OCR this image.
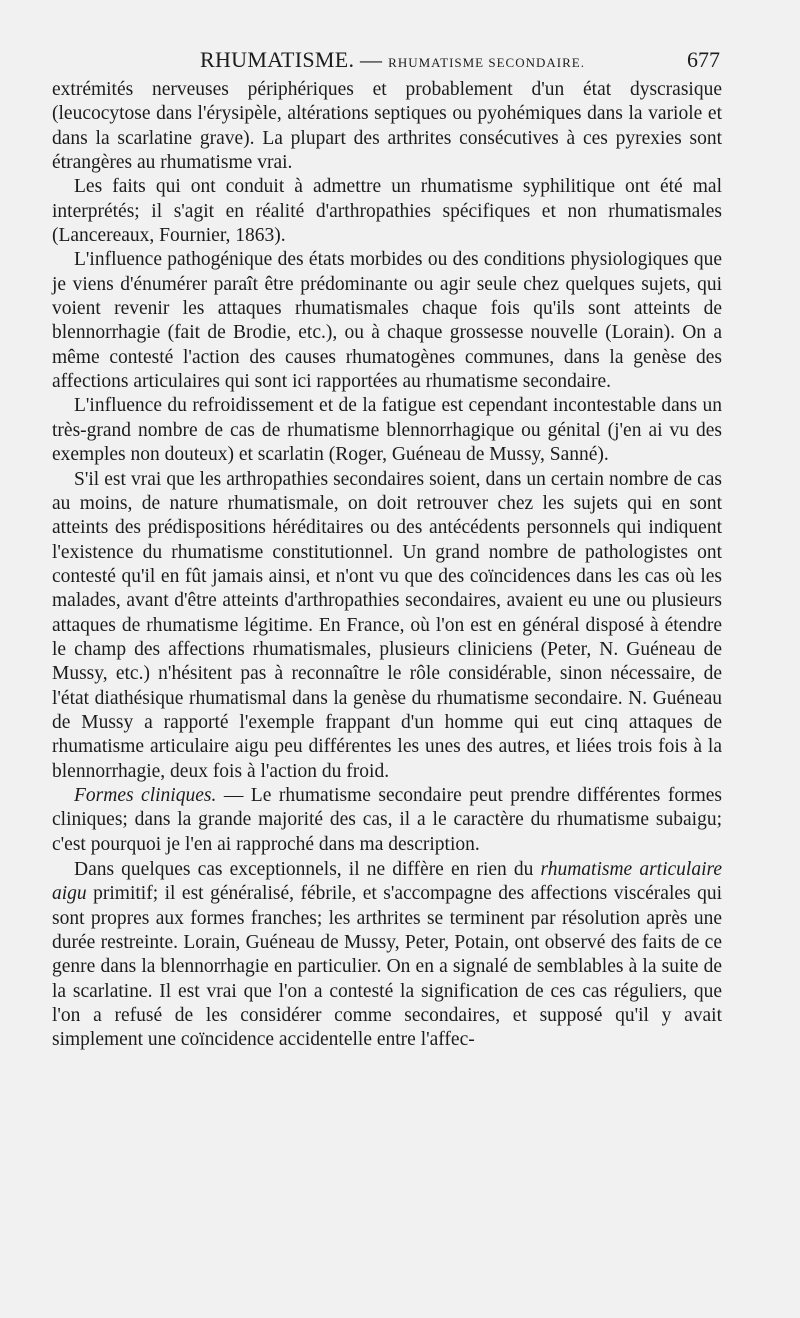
RHUMATISME. — RHUMATISME SECONDAIRE.	677

extrémités nerveuses périphériques et probablement d'un état dyscrasique (leucocytose dans l'érysipèle, altérations septiques ou pyohémiques dans la variole et dans la scarlatine grave). La plupart des arthrites consécutives à ces pyrexies sont étrangères au rhumatisme vrai.

Les faits qui ont conduit à admettre un rhumatisme syphilitique ont été mal interprétés; il s'agit en réalité d'arthropathies spécifiques et non rhumatismales (Lancereaux, Fournier, 1863).

L'influence pathogénique des états morbides ou des conditions physiologiques que je viens d'énumérer paraît être prédominante ou agir seule chez quelques sujets, qui voient revenir les attaques rhumatismales chaque fois qu'ils sont atteints de blennorrhagie (fait de Brodie, etc.), ou à chaque grossesse nouvelle (Lorain). On a même contesté l'action des causes rhumatogènes communes, dans la genèse des affections articulaires qui sont ici rapportées au rhumatisme secondaire.

L'influence du refroidissement et de la fatigue est cependant incontestable dans un très-grand nombre de cas de rhumatisme blennorrhagique ou génital (j'en ai vu des exemples non douteux) et scarlatin (Roger, Guéneau de Mussy, Sanné).

S'il est vrai que les arthropathies secondaires soient, dans un certain nombre de cas au moins, de nature rhumatismale, on doit retrouver chez les sujets qui en sont atteints des prédispositions héréditaires ou des antécédents personnels qui indiquent l'existence du rhumatisme constitutionnel. Un grand nombre de pathologistes ont contesté qu'il en fût jamais ainsi, et n'ont vu que des coïncidences dans les cas où les malades, avant d'être atteints d'arthropathies secondaires, avaient eu une ou plusieurs attaques de rhumatisme légitime. En France, où l'on est en général disposé à étendre le champ des affections rhumatismales, plusieurs cliniciens (Peter, N. Guéneau de Mussy, etc.) n'hésitent pas à reconnaître le rôle considérable, sinon nécessaire, de l'état diathésique rhumatismal dans la genèse du rhumatisme secondaire. N. Guéneau de Mussy a rapporté l'exemple frappant d'un homme qui eut cinq attaques de rhumatisme articulaire aigu peu différentes les unes des autres, et liées trois fois à la blennorrhagie, deux fois à l'action du froid.

Formes cliniques. — Le rhumatisme secondaire peut prendre différentes formes cliniques; dans la grande majorité des cas, il a le caractère du rhumatisme subaigu; c'est pourquoi je l'en ai rapproché dans ma description.

Dans quelques cas exceptionnels, il ne diffère en rien du rhumatisme articulaire aigu primitif; il est généralisé, fébrile, et s'accompagne des affections viscérales qui sont propres aux formes franches; les arthrites se terminent par résolution après une durée restreinte. Lorain, Guéneau de Mussy, Peter, Potain, ont observé des faits de ce genre dans la blennorrhagie en particulier. On en a signalé de semblables à la suite de la scarlatine. Il est vrai que l'on a contesté la signification de ces cas réguliers, que l'on a refusé de les considérer comme secondaires, et supposé qu'il y avait simplement une coïncidence accidentelle entre l'affec-
